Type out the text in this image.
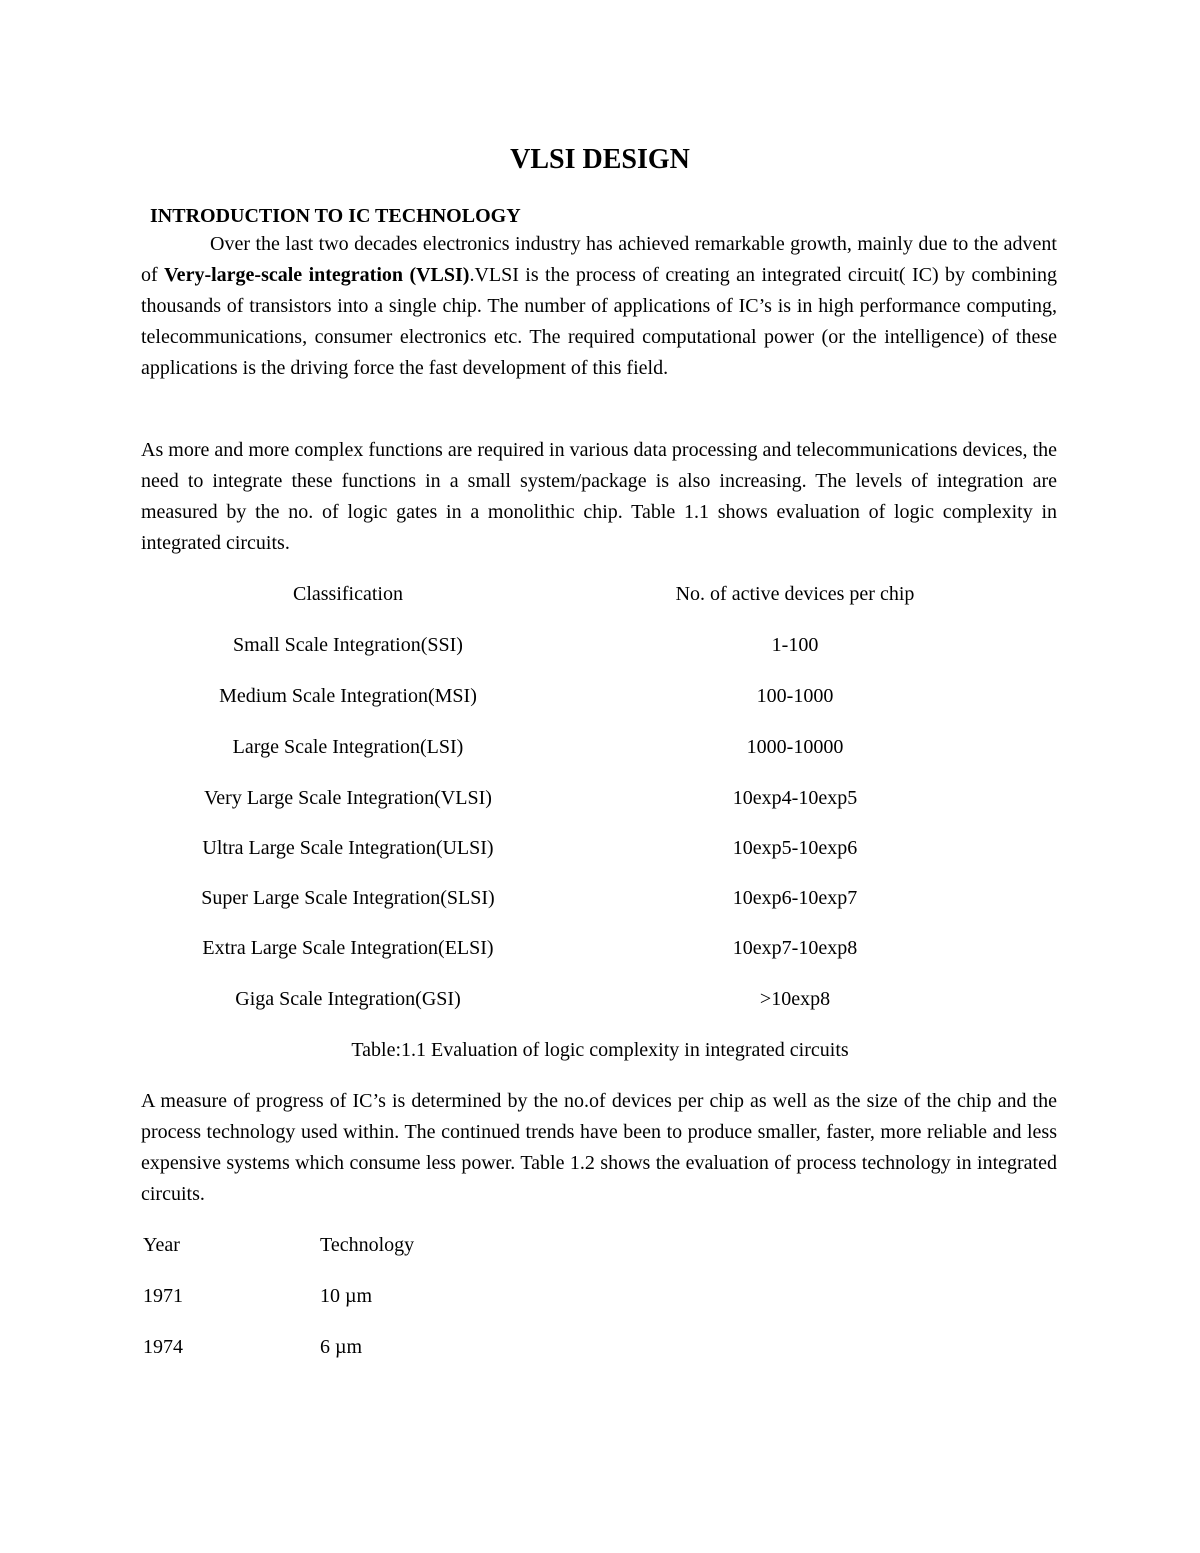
VLSI DESIGN
INTRODUCTION TO IC TECHNOLOGY

Over the last two decades electronics industry has achieved remarkable growth, mainly due to the advent of Very-large-scale integration (VLSI).VLSI is the process of creating an integrated circuit( IC) by combining thousands of transistors into a single chip. The number of applications of IC’s is in high performance computing, telecommunications, consumer electronics etc. The required computational power (or the intelligence) of these applications is the driving force the fast development of this field.

As more and more complex functions are required in various data processing and telecommunications devices, the need to integrate these functions in a small system/package is also increasing. The levels of integration are measured by the no. of logic gates in a monolithic chip. Table 1.1 shows evaluation of logic complexity in integrated circuits.

Classification	No. of active devices per chip
Small Scale Integration(SSI)	1-100
Medium Scale Integration(MSI)	100-1000
Large Scale Integration(LSI)	1000-10000
Very Large Scale Integration(VLSI)	10exp4-10exp5
Ultra Large Scale Integration(ULSI)	10exp5-10exp6
Super Large Scale Integration(SLSI)	10exp6-10exp7
Extra Large Scale Integration(ELSI)	10exp7-10exp8
Giga Scale Integration(GSI)	>10exp8
Table:1.1 Evaluation of logic complexity in integrated circuits

A measure of progress of IC’s is determined by the no.of devices per chip as well as the size of the chip and the process technology used within. The continued trends have been to produce smaller, faster, more reliable and less expensive systems which consume less power. Table 1.2 shows the evaluation of process technology in integrated circuits.

Year	Technology
1971	10 µm
1974	6 µm
